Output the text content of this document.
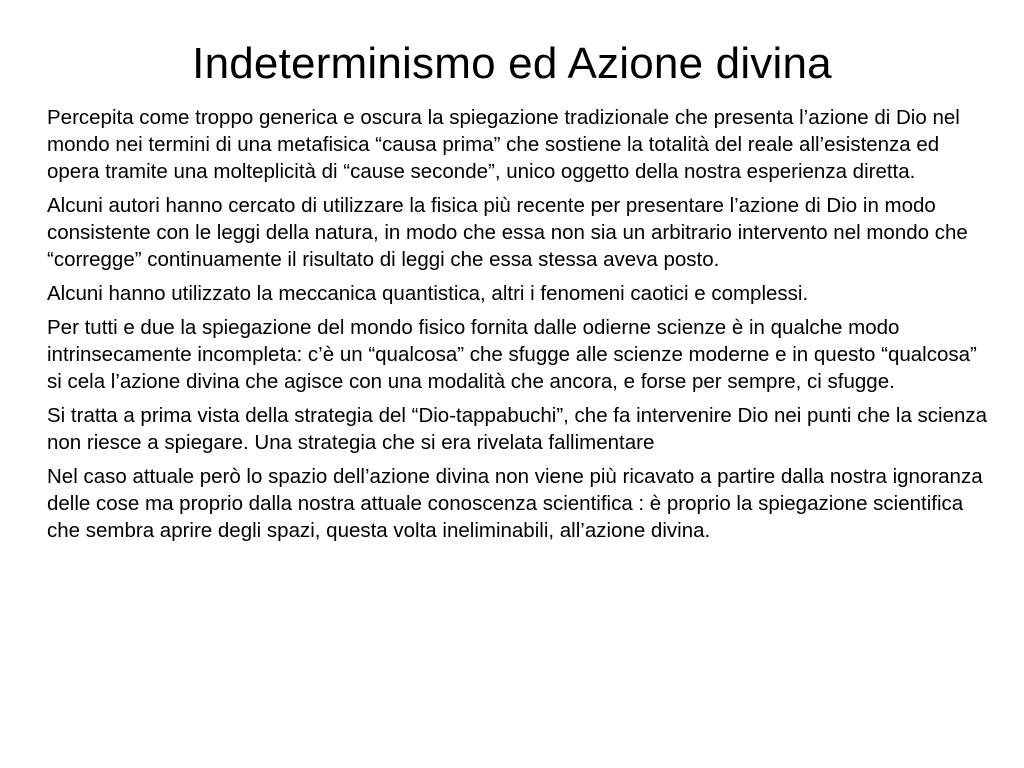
Indeterminismo ed Azione divina

Percepita come troppo generica e oscura la spiegazione tradizionale che presenta l’azione di Dio nel mondo nei termini di una metafisica “causa prima” che sostiene la totalità del reale all’esistenza ed opera tramite una molteplicità di “cause seconde”, unico oggetto della nostra esperienza diretta.

Alcuni autori hanno cercato di utilizzare la fisica più recente per presentare l’azione di Dio in modo consistente con le leggi della natura, in modo che essa non sia un arbitrario intervento nel mondo che “corregge” continuamente il risultato di leggi che essa stessa aveva posto.

Alcuni hanno utilizzato la meccanica quantistica, altri i fenomeni caotici e complessi.

Per tutti e due la spiegazione del mondo fisico fornita dalle odierne scienze è in qualche modo intrinsecamente incompleta: c’è un “qualcosa” che sfugge alle scienze moderne e in questo “qualcosa” si cela l’azione divina che agisce con una modalità che ancora, e forse per sempre, ci sfugge.

Si tratta a prima vista della strategia del “Dio-tappabuchi”, che fa intervenire Dio nei punti che la scienza non riesce a spiegare. Una strategia che si era rivelata fallimentare

Nel caso attuale però lo spazio dell’azione divina non viene più ricavato a partire dalla nostra ignoranza delle cose ma proprio dalla nostra attuale conoscenza scientifica : è proprio la spiegazione scientifica che sembra aprire degli spazi, questa volta ineliminabili, all’azione divina.
